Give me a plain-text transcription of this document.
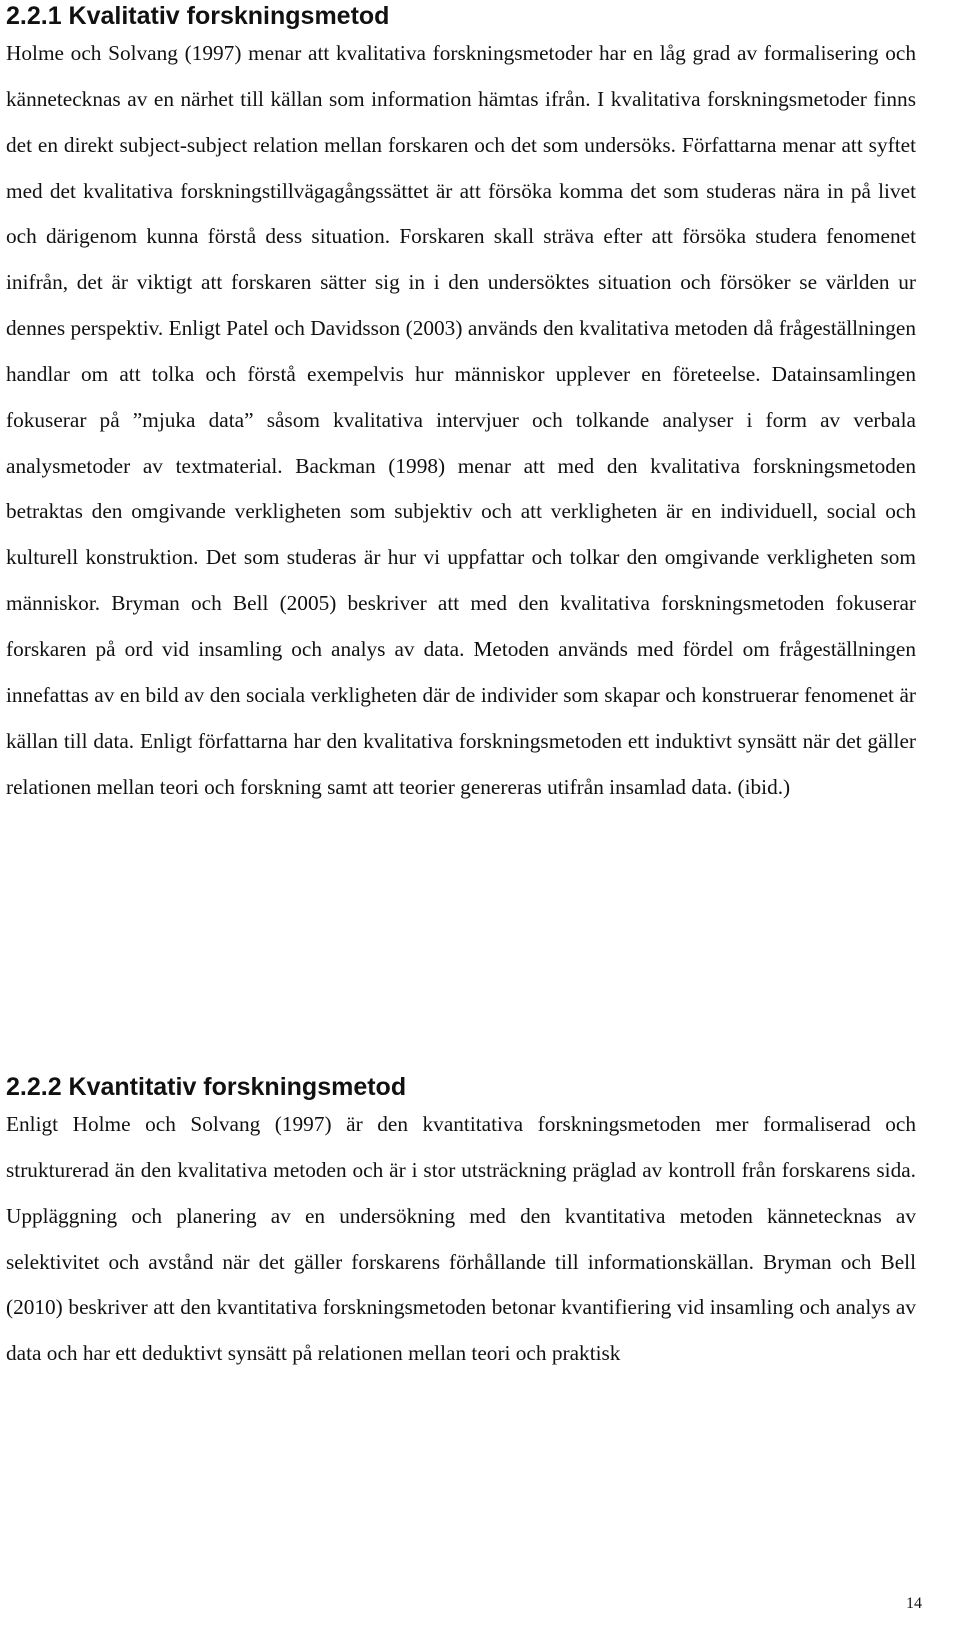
2.2.1 Kvalitativ forskningsmetod

Holme och Solvang (1997) menar att kvalitativa forskningsmetoder har en låg grad av formalisering och kännetecknas av en närhet till källan som information hämtas ifrån. I kvalitativa forskningsmetoder finns det en direkt subject-subject relation mellan forskaren och det som undersöks. Författarna menar att syftet med det kvalitativa forskningstillvägagångssättet är att försöka komma det som studeras nära in på livet och därigenom kunna förstå dess situation. Forskaren skall sträva efter att försöka studera fenomenet inifrån, det är viktigt att forskaren sätter sig in i den undersöktes situation och försöker se världen ur dennes perspektiv. Enligt Patel och Davidsson (2003) används den kvalitativa metoden då frågeställningen handlar om att tolka och förstå exempelvis hur människor upplever en företeelse. Datainsamlingen fokuserar på ”mjuka data” såsom kvalitativa intervjuer och tolkande analyser i form av verbala analysmetoder av textmaterial. Backman (1998) menar att med den kvalitativa forskningsmetoden betraktas den omgivande verkligheten som subjektiv och att verkligheten är en individuell, social och kulturell konstruktion. Det som studeras är hur vi uppfattar och tolkar den omgivande verkligheten som människor. Bryman och Bell (2005) beskriver att med den kvalitativa forskningsmetoden fokuserar forskaren på ord vid insamling och analys av data. Metoden används med fördel om frågeställningen innefattas av en bild av den sociala verkligheten där de individer som skapar och konstruerar fenomenet är källan till data. Enligt författarna har den kvalitativa forskningsmetoden ett induktivt synsätt när det gäller relationen mellan teori och forskning samt att teorier genereras utifrån insamlad data. (ibid.)

2.2.2 Kvantitativ forskningsmetod

Enligt Holme och Solvang (1997) är den kvantitativa forskningsmetoden mer formaliserad och strukturerad än den kvalitativa metoden och är i stor utsträckning präglad av kontroll från forskarens sida. Uppläggning och planering av en undersökning med den kvantitativa metoden kännetecknas av selektivitet och avstånd när det gäller forskarens förhållande till informationskällan. Bryman och Bell (2010) beskriver att den kvantitativa forskningsmetoden betonar kvantifiering vid insamling och analys av data och har ett deduktivt synsätt på relationen mellan teori och praktisk

14
